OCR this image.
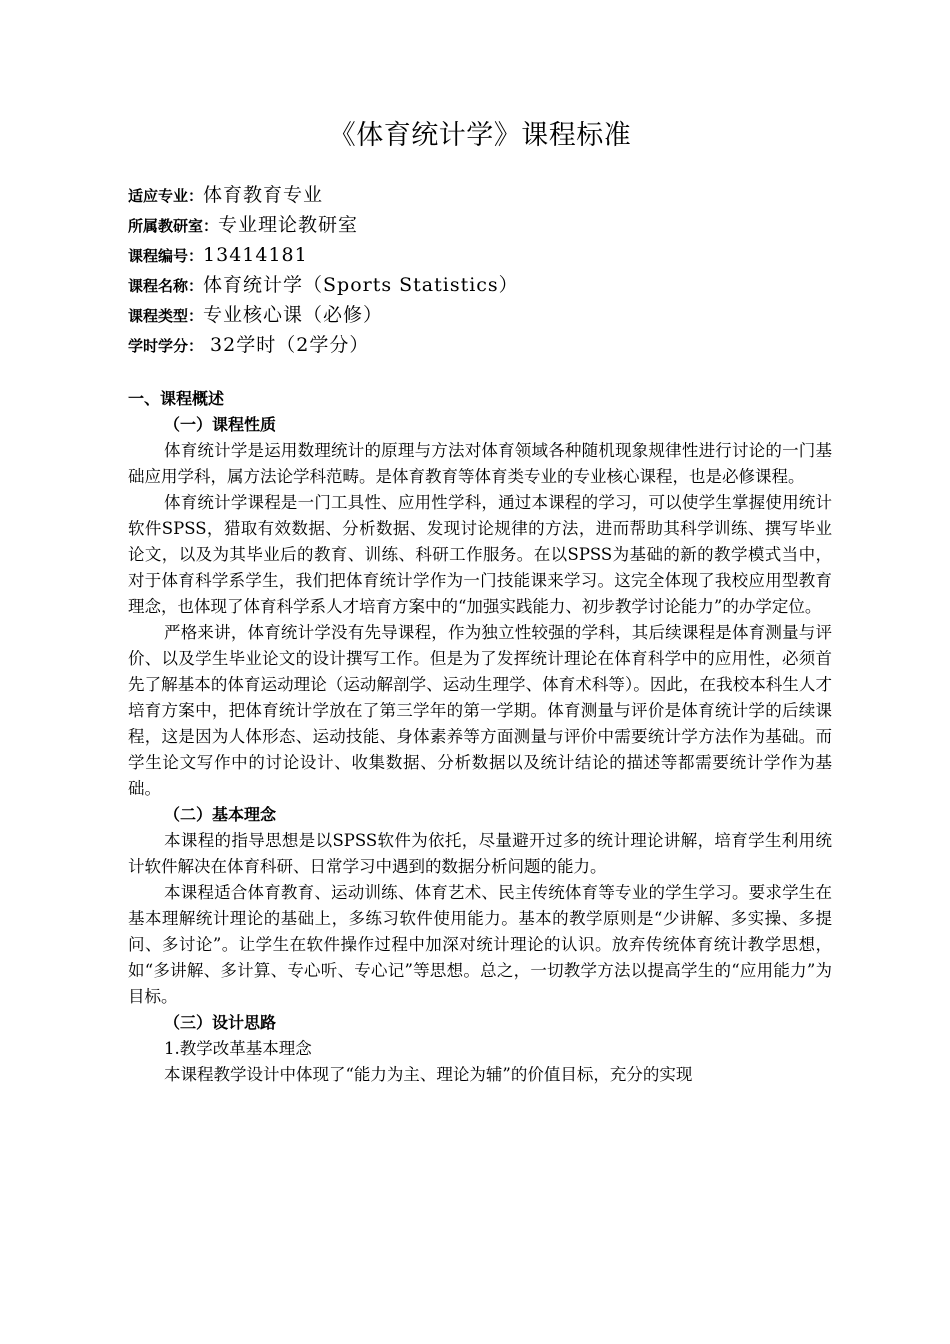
《体育统计学》课程标准
适应专业：体育教育专业
所属教研室：专业理论教研室
课程编号：13414181
课程名称：体育统计学（Sports Statistics）
课程类型：专业核心课（必修）
学时学分： 32学时（2学分）
一、课程概述
（一）课程性质

体育统计学是运用数理统计的原理与方法对体育领域各种随机现象规律性进行讨论的一门基础应用学科，属方法论学科范畴。是体育教育等体育类专业的专业核心课程，也是必修课程。

体育统计学课程是一门工具性、应用性学科，通过本课程的学习，可以使学生掌握使用统计软件SPSS，猎取有效数据、分析数据、发现讨论规律的方法，进而帮助其科学训练、撰写毕业论文，以及为其毕业后的教育、训练、科研工作服务。在以SPSS为基础的新的教学模式当中，对于体育科学系学生，我们把体育统计学作为一门技能课来学习。这完全体现了我校应用型教育理念，也体现了体育科学系人才培育方案中的“加强实践能力、初步教学讨论能力”的办学定位。

严格来讲，体育统计学没有先导课程，作为独立性较强的学科，其后续课程是体育测量与评价、以及学生毕业论文的设计撰写工作。但是为了发挥统计理论在体育科学中的应用性，必须首先了解基本的体育运动理论（运动解剖学、运动生理学、体育术科等）。因此，在我校本科生人才培育方案中，把体育统计学放在了第三学年的第一学期。体育测量与评价是体育统计学的后续课程，这是因为人体形态、运动技能、身体素养等方面测量与评价中需要统计学方法作为基础。而学生论文写作中的讨论设计、收集数据、分析数据以及统计结论的描述等都需要统计学作为基础。

（二）基本理念

本课程的指导思想是以SPSS软件为依托，尽量避开过多的统计理论讲解，培育学生利用统计软件解决在体育科研、日常学习中遇到的数据分析问题的能力。

本课程适合体育教育、运动训练、体育艺术、民主传统体育等专业的学生学习。要求学生在基本理解统计理论的基础上，多练习软件使用能力。基本的教学原则是“少讲解、多实操、多提问、多讨论”。让学生在软件操作过程中加深对统计理论的认识。放弃传统体育统计教学思想，如“多讲解、多计算、专心听、专心记”等思想。总之，一切教学方法以提高学生的“应用能力”为目标。

（三）设计思路

1.教学改革基本理念

本课程教学设计中体现了“能力为主、理论为辅”的价值目标，充分的实现
